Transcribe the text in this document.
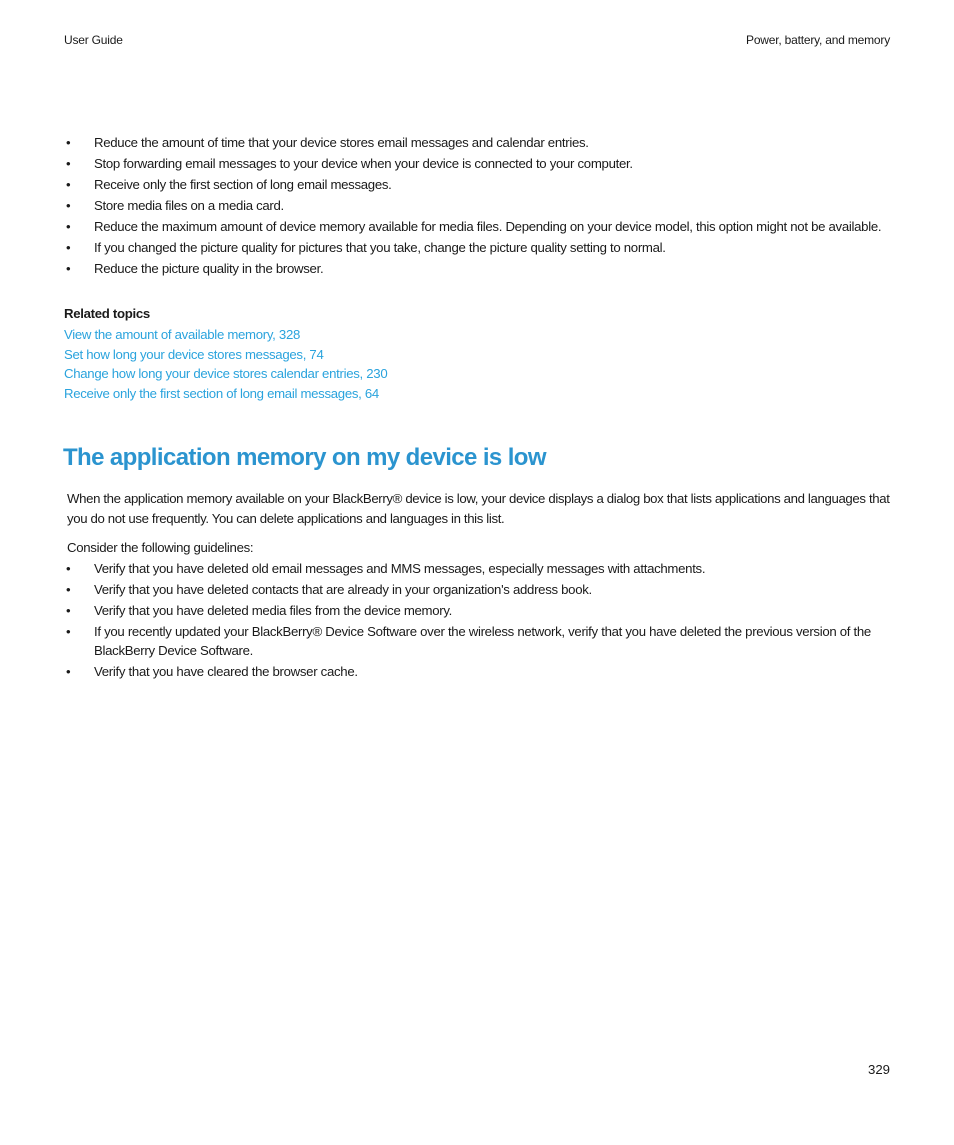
User Guide	Power, battery, and memory
• Reduce the amount of time that your device stores email messages and calendar entries.
• Stop forwarding email messages to your device when your device is connected to your computer.
• Receive only the first section of long email messages.
• Store media files on a media card.
• Reduce the maximum amount of device memory available for media files. Depending on your device model, this option might not be available.
• If you changed the picture quality for pictures that you take, change the picture quality setting to normal.
• Reduce the picture quality in the browser.
Related topics
View the amount of available memory, 328
Set how long your device stores messages, 74
Change how long your device stores calendar entries, 230
Receive only the first section of long email messages, 64
The application memory on my device is low

When the application memory available on your BlackBerry® device is low, your device displays a dialog box that lists applications and languages that you do not use frequently. You can delete applications and languages in this list.

Consider the following guidelines:

• Verify that you have deleted old email messages and MMS messages, especially messages with attachments.
• Verify that you have deleted contacts that are already in your organization's address book.
• Verify that you have deleted media files from the device memory.
• If you recently updated your BlackBerry® Device Software over the wireless network, verify that you have deleted the previous version of the BlackBerry Device Software.
• Verify that you have cleared the browser cache.
329
